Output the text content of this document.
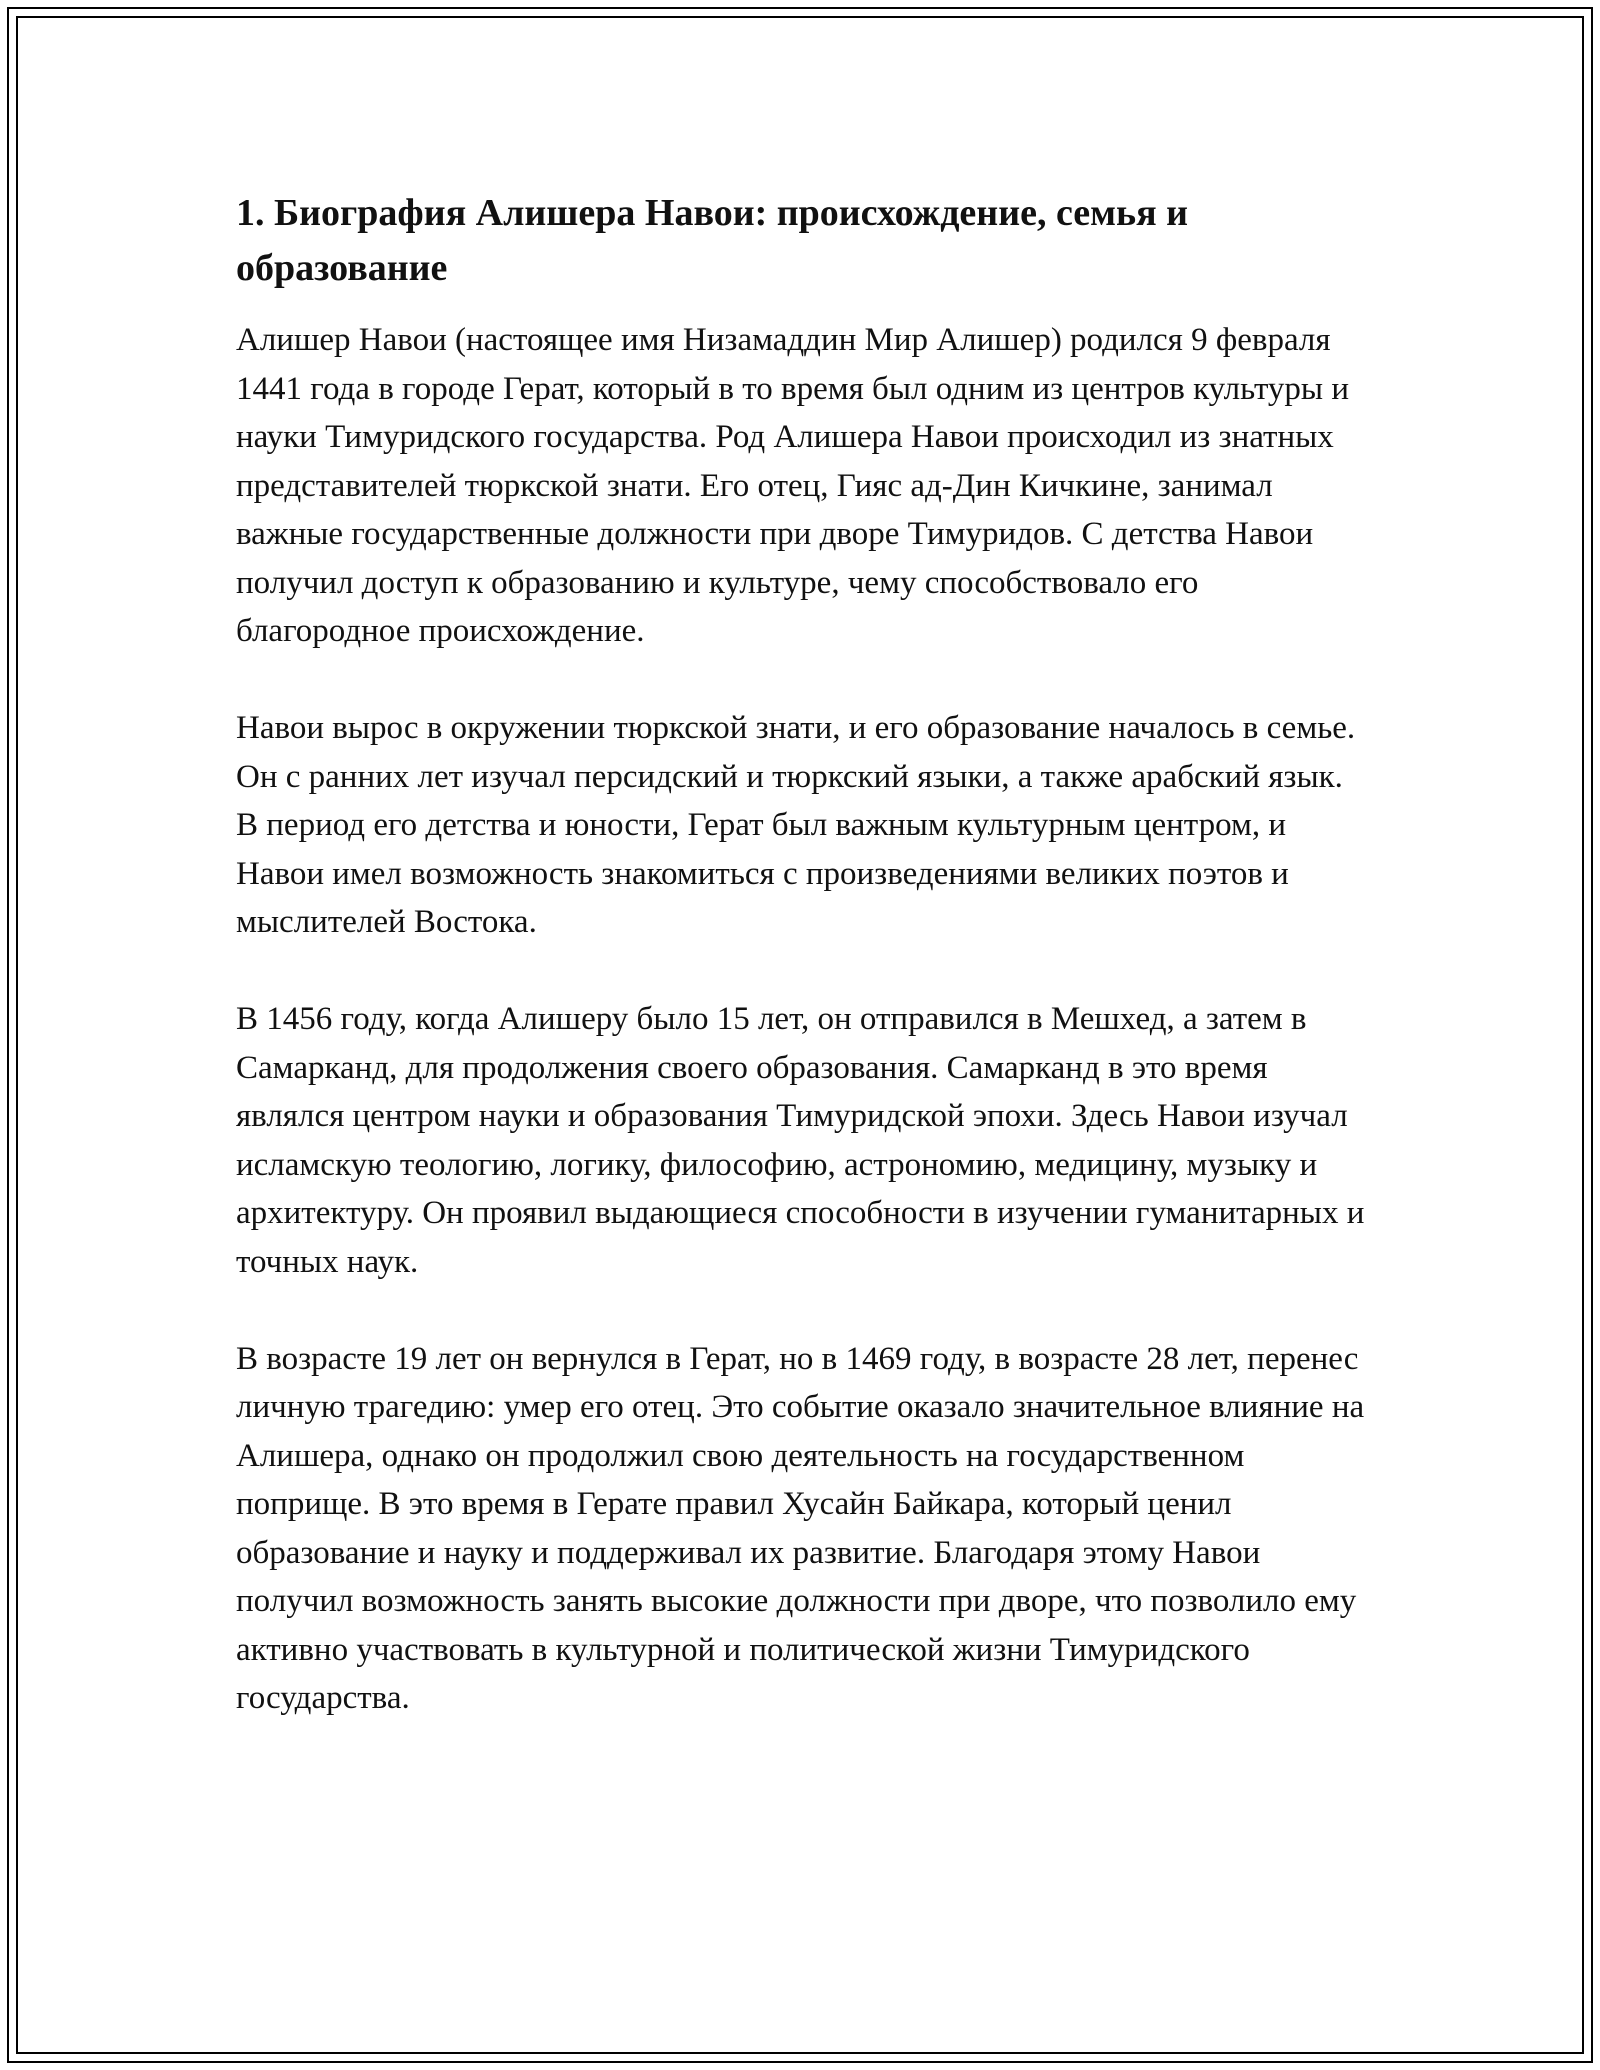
1. Биография Алишера Навои: происхождение, семья и образование

Алишер Навои (настоящее имя Низамаддин Мир Алишер) родился 9 февраля 1441 года в городе Герат, который в то время был одним из центров культуры и науки Тимуридского государства. Род Алишера Навои происходил из знатных представителей тюркской знати. Его отец, Гияс ад-Дин Кичкине, занимал важные государственные должности при дворе Тимуридов. С детства Навои получил доступ к образованию и культуре, чему способствовало его благородное происхождение.

Навои вырос в окружении тюркской знати, и его образование началось в семье. Он с ранних лет изучал персидский и тюркский языки, а также арабский язык. В период его детства и юности, Герат был важным культурным центром, и Навои имел возможность знакомиться с произведениями великих поэтов и мыслителей Востока.

В 1456 году, когда Алишеру было 15 лет, он отправился в Мешхед, а затем в Самарканд, для продолжения своего образования. Самарканд в это время являлся центром науки и образования Тимуридской эпохи. Здесь Навои изучал исламскую теологию, логику, философию, астрономию, медицину, музыку и архитектуру. Он проявил выдающиеся способности в изучении гуманитарных и точных наук.

В возрасте 19 лет он вернулся в Герат, но в 1469 году, в возрасте 28 лет, перенес личную трагедию: умер его отец. Это событие оказало значительное влияние на Алишера, однако он продолжил свою деятельность на государственном поприще. В это время в Герате правил Хусайн Байкара, который ценил образование и науку и поддерживал их развитие. Благодаря этому Навои получил возможность занять высокие должности при дворе, что позволило ему активно участвовать в культурной и политической жизни Тимуридского государства.
